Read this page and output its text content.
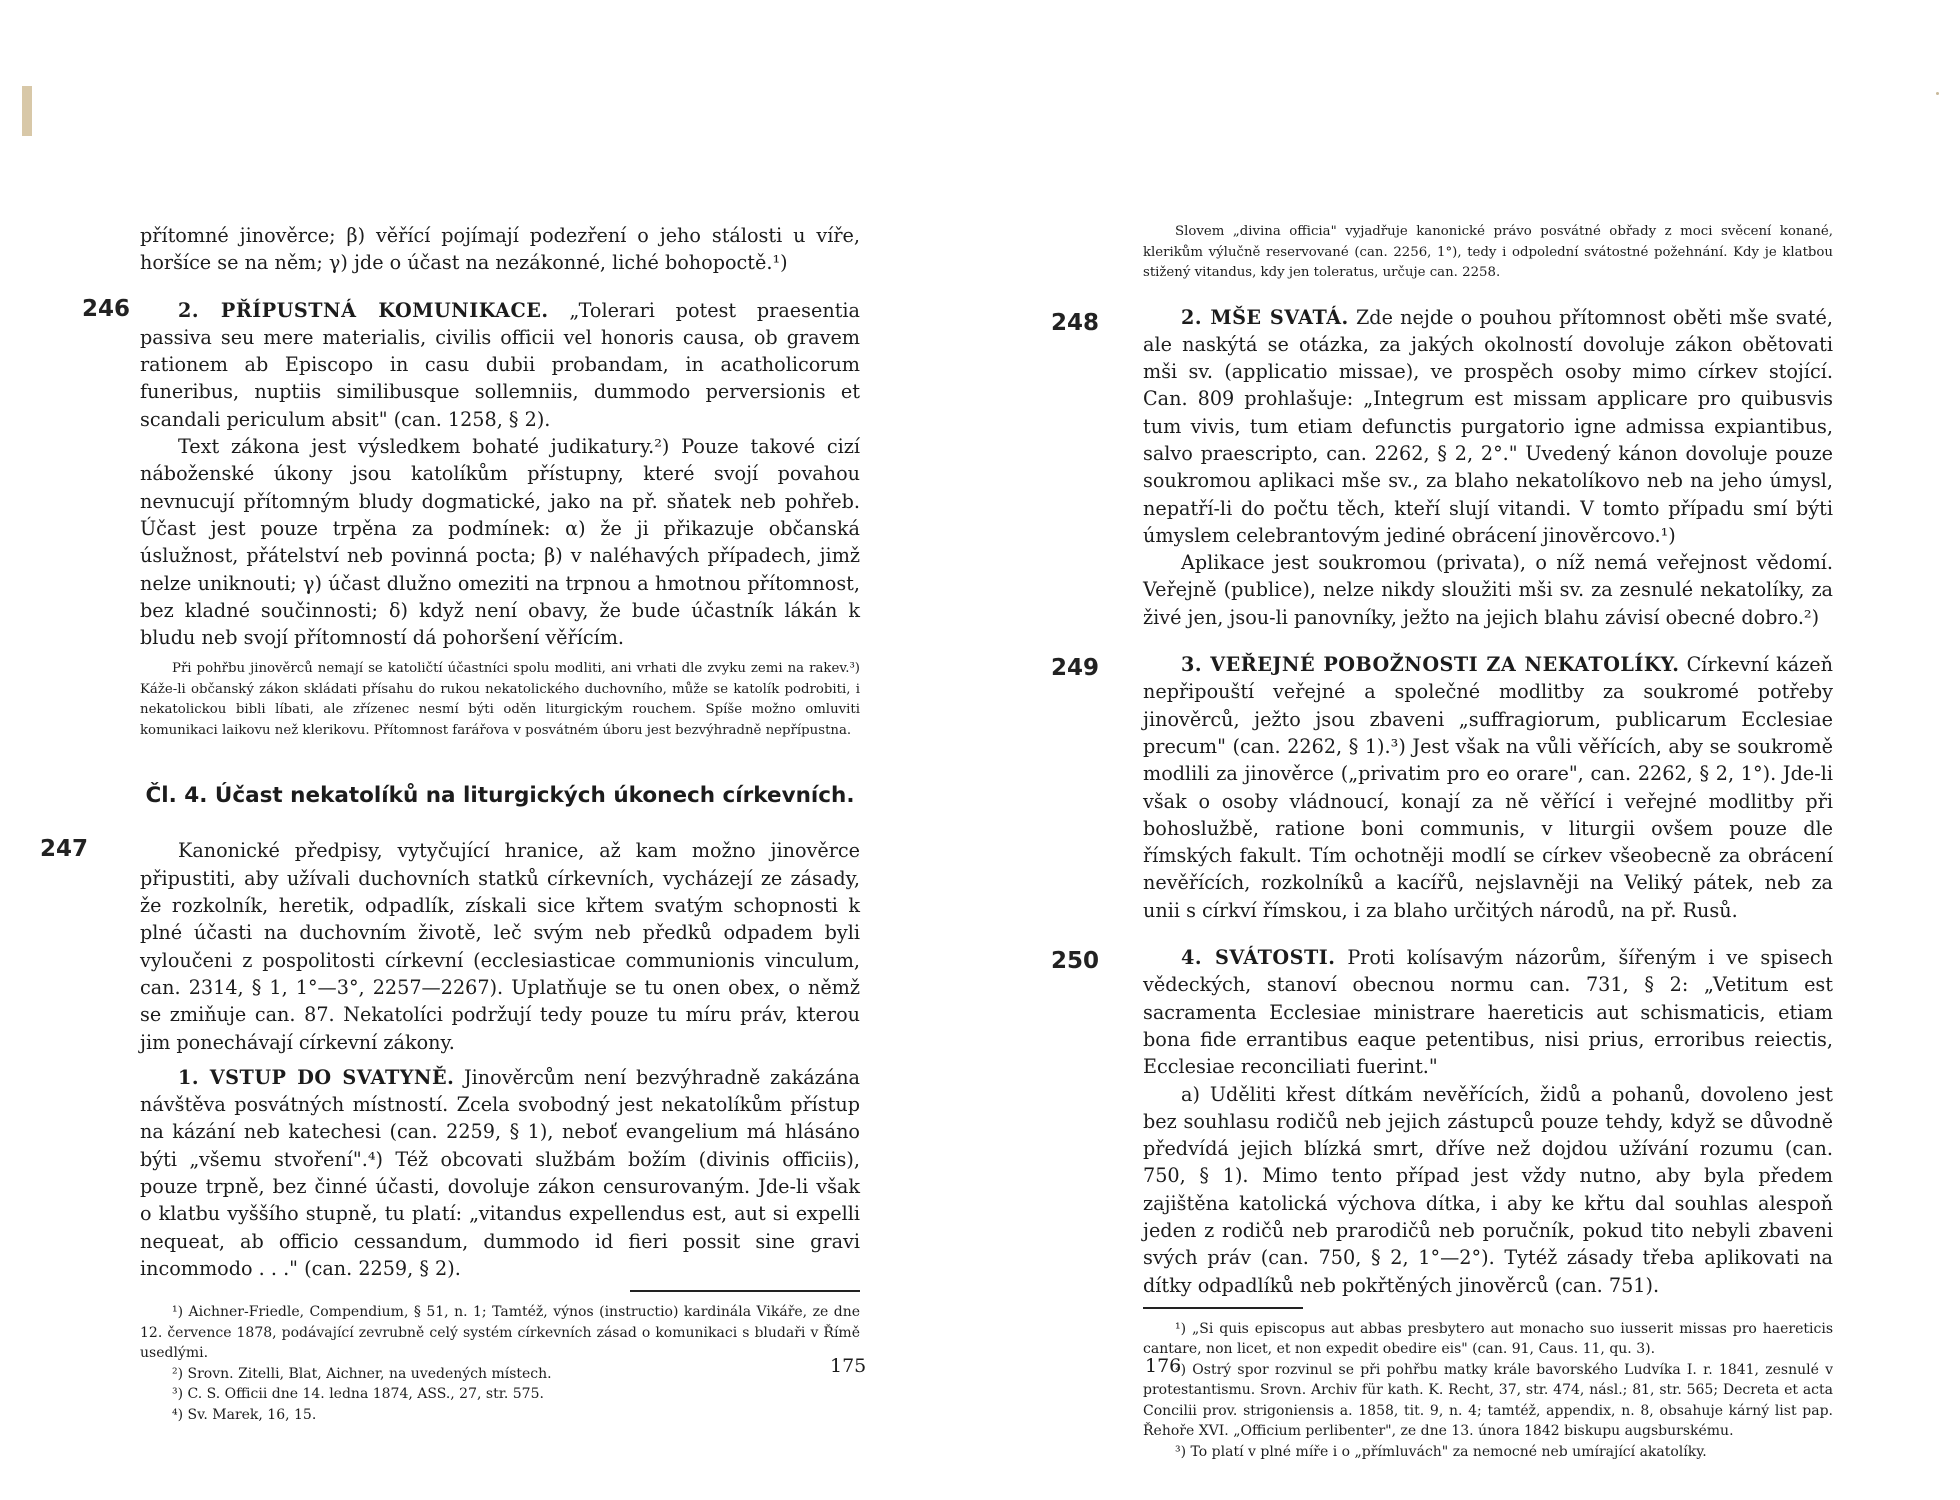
přítomné jinověrce; β) věřící pojímají podezření o jeho stálosti u víře, horšíce se na něm; γ) jde o účast na nezákonné, liché bohopoctě.¹)

246	2. PŘÍPUSTNÁ KOMUNIKACE. „Tolerari potest praesentia passiva seu mere materialis, civilis officii vel honoris causa, ob gravem rationem ab Episcopo in casu dubii probandam, in acatholicorum funeribus, nuptiis similibusque sollemniis, dummodo perversionis et scandali periculum absit" (can. 1258, § 2).

Text zákona jest výsledkem bohaté judikatury.²) Pouze takové cizí náboženské úkony jsou katolíkům přístupny, které svojí povahou nevnucují přítomným bludy dogmatické, jako na př. sňatek neb pohřeb. Účast jest pouze trpěna za podmínek: α) že ji přikazuje občanská úslužnost, přátelství neb povinná pocta; β) v naléhavých případech, jimž nelze uniknouti; γ) účast dlužno omeziti na trpnou a hmotnou přítomnost, bez kladné součinnosti; δ) když není obavy, že bude účastník lákán k bludu neb svojí přítomností dá pohoršení věřícím.

Při pohřbu jinověrců nemají se katoličtí účastníci spolu modliti, ani vrhati dle zvyku zemi na rakev.³) Káže-li občanský zákon skládati přísahu do rukou nekatolického duchovního, může se katolík podrobiti, i nekatolickou bibli líbati, ale zřízenec nesmí býti oděn liturgickým rouchem. Spíše možno omluviti komunikaci laikovu než klerikovu. Přítomnost farářova v posvátném úboru jest bezvýhradně nepřípustna.

Čl. 4. Účast nekatolíků na liturgických úkonech církevních.
247	Kanonické předpisy, vytyčující hranice, až kam možno jinověrce připustiti, aby užívali duchovních statků církevních, vycházejí ze zásady, že rozkolník, heretik, odpadlík, získali sice křtem svatým schopnosti k plné účasti na duchovním životě, leč svým neb předků odpadem byli vyloučeni z pospolitosti církevní (ecclesiasticae communionis vinculum, can. 2314, § 1, 1°—3°, 2257—2267). Uplatňuje se tu onen obex, o němž se zmiňuje can. 87. Nekatolíci podržují tedy pouze tu míru práv, kterou jim ponechávají církevní zákony.

1. VSTUP DO SVATYNĚ. Jinověrcům není bezvýhradně zakázána návštěva posvátných místností. Zcela svobodný jest nekatolíkům přístup na kázání neb katechesi (can. 2259, § 1), neboť evangelium má hlásáno býti „všemu stvoření".⁴) Též obcovati službám božím (divinis officiis), pouze trpně, bez činné účasti, dovoluje zákon censurovaným. Jde-li však o klatbu vyššího stupně, tu platí: „vitandus expellendus est, aut si expelli nequeat, ab officio cessandum, dummodo id fieri possit sine gravi incommodo . . ." (can. 2259, § 2).

¹) Aichner-Friedle, Compendium, § 51, n. 1; Tamtéž, výnos (instructio) kardinála Vikáře, ze dne 12. července 1878, podávající zevrubně celý systém církevních zásad o komunikaci s bludaři v Římě usedlými.

²) Srovn. Zitelli, Blat, Aichner, na uvedených místech.

³) C. S. Officii dne 14. ledna 1874, ASS., 27, str. 575.

⁴) Sv. Marek, 16, 15.

175

Slovem „divina officia" vyjadřuje kanonické právo posvátné obřady z moci svěcení konané, klerikům výlučně reservované (can. 2256, 1°), tedy i odpolední svátostné požehnání. Kdy je klatbou stižený vitandus, kdy jen toleratus, určuje can. 2258.

248	2. MŠE SVATÁ. Zde nejde o pouhou přítomnost oběti mše svaté, ale naskýtá se otázka, za jakých okolností dovoluje zákon obětovati mši sv. (applicatio missae), ve prospěch osoby mimo církev stojící. Can. 809 prohlašuje: „Integrum est missam applicare pro quibusvis tum vivis, tum etiam defunctis purgatorio igne admissa expiantibus, salvo praescripto, can. 2262, § 2, 2°." Uvedený kánon dovoluje pouze soukromou aplikaci mše sv., za blaho nekatolíkovo neb na jeho úmysl, nepatří-li do počtu těch, kteří slují vitandi. V tomto případu smí býti úmyslem celebrantovým jediné obrácení jinověrcovo.¹)

Aplikace jest soukromou (privata), o níž nemá veřejnost vědomí. Veřejně (publice), nelze nikdy sloužiti mši sv. za zesnulé nekatolíky, za živé jen, jsou-li panovníky, ježto na jejich blahu závisí obecné dobro.²)

249	3. VEŘEJNÉ POBOŽNOSTI ZA NEKATOLÍKY. Církevní kázeň nepřipouští veřejné a společné modlitby za soukromé potřeby jinověrců, ježto jsou zbaveni „suffragiorum, publicarum Ecclesiae precum" (can. 2262, § 1).³) Jest však na vůli věřících, aby se soukromě modlili za jinověrce („privatim pro eo orare", can. 2262, § 2, 1°). Jde-li však o osoby vládnoucí, konají za ně věřící i veřejné modlitby při bohoslužbě, ratione boni communis, v liturgii ovšem pouze dle římských fakult. Tím ochotněji modlí se církev všeobecně za obrácení nevěřících, rozkolníků a kacířů, nejslavněji na Veliký pátek, neb za unii s církví římskou, i za blaho určitých národů, na př. Rusů.

250	4. SVÁTOSTI. Proti kolísavým názorům, šířeným i ve spisech vědeckých, stanoví obecnou normu can. 731, § 2: „Vetitum est sacramenta Ecclesiae ministrare haereticis aut schismaticis, etiam bona fide errantibus eaque petentibus, nisi prius, erroribus reiectis, Ecclesiae reconciliati fuerint."

a) Uděliti křest dítkám nevěřících, židů a pohanů, dovoleno jest bez souhlasu rodičů neb jejich zástupců pouze tehdy, když se důvodně předvídá jejich blízká smrt, dříve než dojdou užívání rozumu (can. 750, § 1). Mimo tento případ jest vždy nutno, aby byla předem zajištěna katolická výchova dítka, i aby ke křtu dal souhlas alespoň jeden z rodičů neb prarodičů neb poručník, pokud tito nebyli zbaveni svých práv (can. 750, § 2, 1°—2°). Tytéž zásady třeba aplikovati na dítky odpadlíků neb pokřtěných jinověrců (can. 751).

¹) „Si quis episcopus aut abbas presbytero aut monacho suo iusserit missas pro haereticis cantare, non licet, et non expedit obedire eis" (can. 91, Caus. 11, qu. 3).

²) Ostrý spor rozvinul se při pohřbu matky krále bavorského Ludvíka I. r. 1841, zesnulé v protestantismu. Srovn. Archiv für kath. K. Recht, 37, str. 474, násl.; 81, str. 565; Decreta et acta Concilii prov. strigoniensis a. 1858, tit. 9, n. 4; tamtéž, appendix, n. 8, obsahuje kárný list pap. Řehoře XVI. „Officium perlibenter", ze dne 13. února 1842 biskupu augsburskému.

³) To platí v plné míře i o „přímluvách" za nemocné neb umírající akatolíky.

176
